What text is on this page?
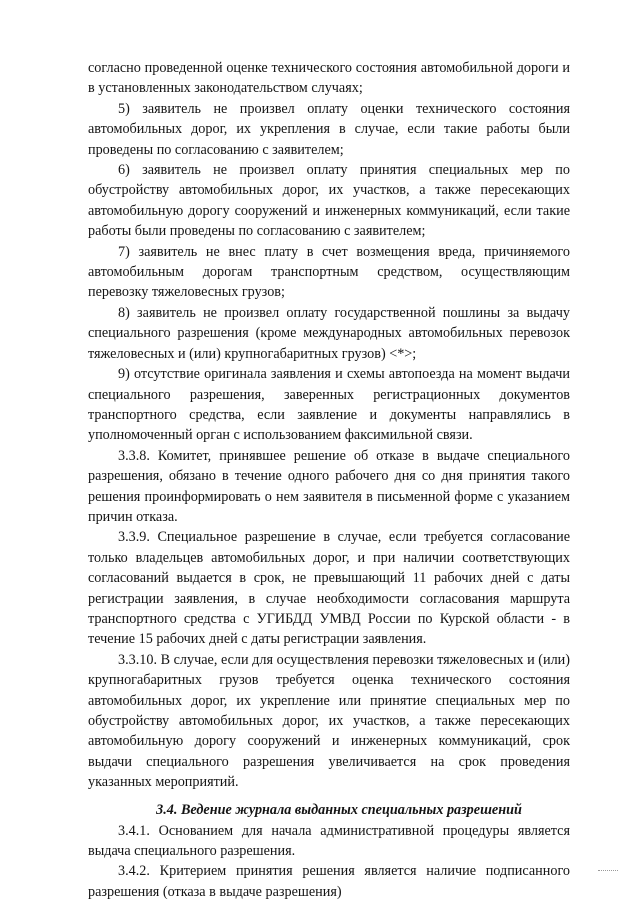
согласно проведенной оценке технического состояния автомобильной дороги и в установленных законодательством случаях;

5) заявитель не произвел оплату оценки технического состояния автомобильных дорог, их укрепления в случае, если такие работы были проведены по согласованию с заявителем;

6) заявитель не произвел оплату принятия специальных мер по обустройству автомобильных дорог, их участков, а также пересекающих автомобильную дорогу сооружений и инженерных коммуникаций, если такие работы были проведены по согласованию с заявителем;

7) заявитель не внес плату в счет возмещения вреда, причиняемого автомобильным дорогам транспортным средством, осуществляющим перевозку тяжеловесных грузов;

8) заявитель не произвел оплату государственной пошлины за выдачу специального разрешения (кроме международных автомобильных перевозок тяжеловесных и (или) крупногабаритных грузов) <*>;

9) отсутствие оригинала заявления и схемы автопоезда на момент выдачи специального разрешения, заверенных регистрационных документов транспортного средства, если заявление и документы направлялись в уполномоченный орган с использованием факсимильной связи.

3.3.8. Комитет, принявшее решение об отказе в выдаче специального разрешения, обязано в течение одного рабочего дня со дня принятия такого решения проинформировать о нем заявителя в письменной форме с указанием причин отказа.

3.3.9. Специальное разрешение в случае, если требуется согласование только владельцев автомобильных дорог, и при наличии соответствующих согласований выдается в срок, не превышающий 11 рабочих дней с даты регистрации заявления, в случае необходимости согласования маршрута транспортного средства с УГИБДД УМВД России по Курской области - в течение 15 рабочих дней с даты регистрации заявления.

3.3.10. В случае, если для осуществления перевозки тяжеловесных и (или) крупногабаритных грузов требуется оценка технического состояния автомобильных дорог, их укрепление или принятие специальных мер по обустройству автомобильных дорог, их участков, а также пересекающих автомобильную дорогу сооружений и инженерных коммуникаций, срок выдачи специального разрешения увеличивается на срок проведения указанных мероприятий.

3.4. Ведение журнала выданных специальных разрешений

3.4.1. Основанием для начала административной процедуры является выдача специального разрешения.

3.4.2. Критерием принятия решения является наличие подписанного разрешения (отказа в выдаче разрешения)
